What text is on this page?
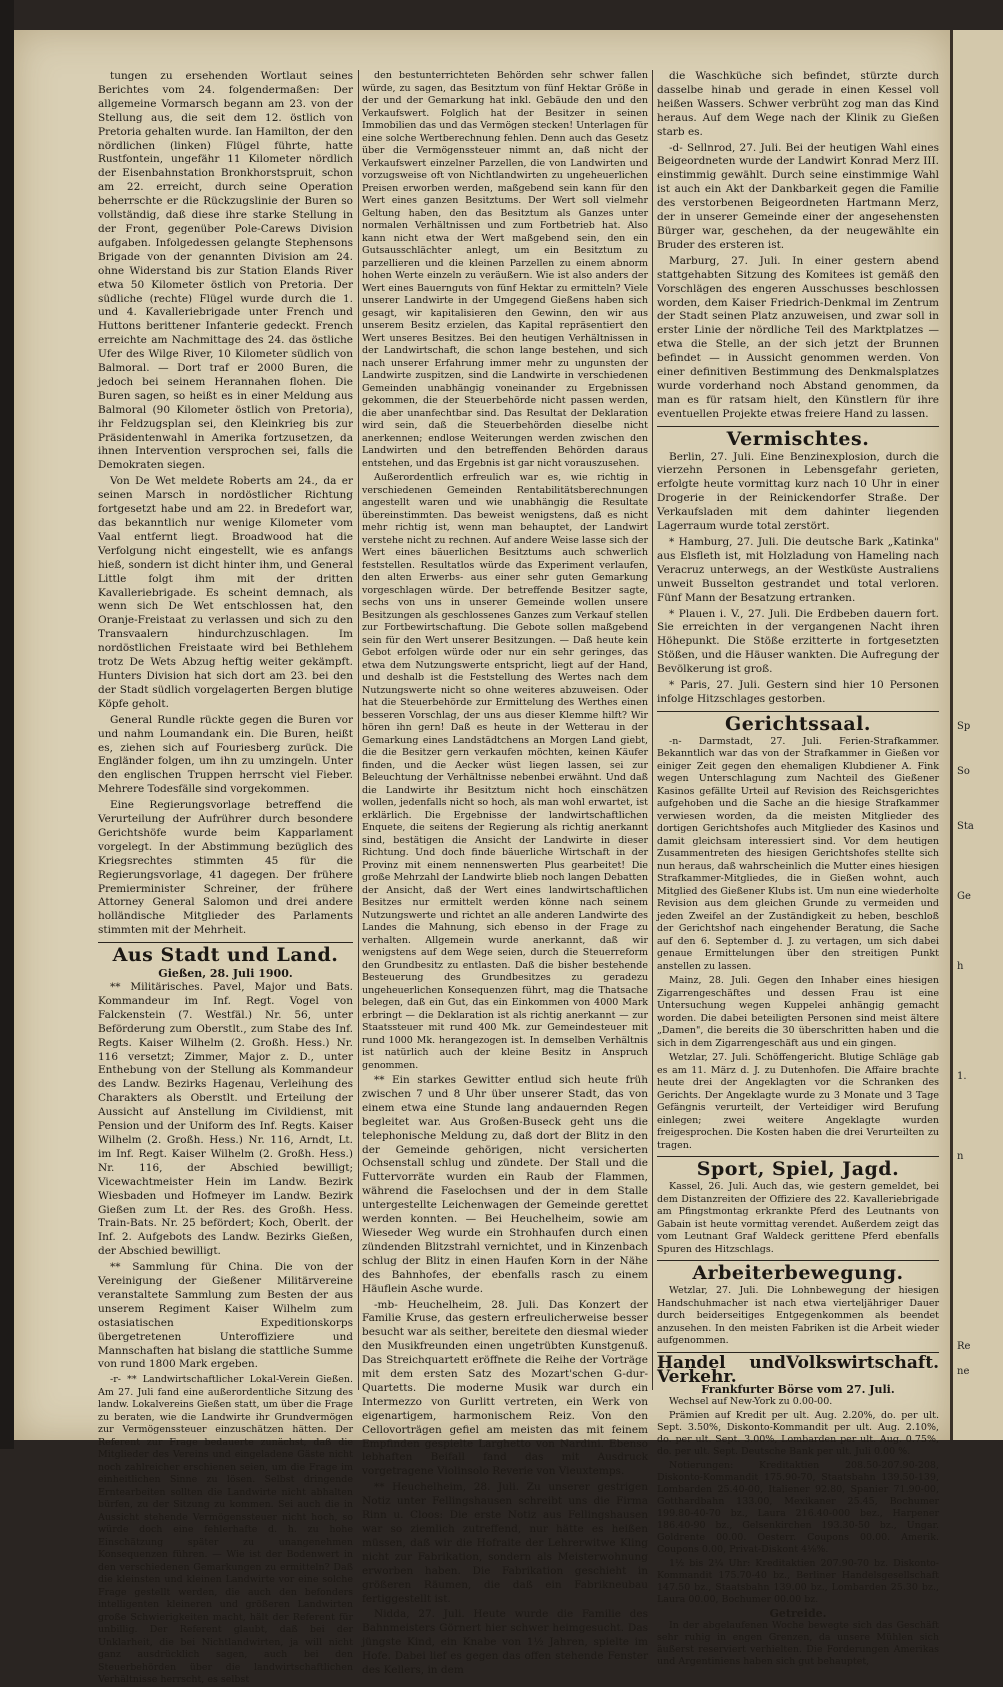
Sp
So
Sta
Ge
h
1.
n
Re
ne

tungen zu ersehenden Wortlaut seines Berichtes vom 24. folgendermaßen: Der allgemeine Vormarsch begann am 23. von der Stellung aus, die seit dem 12. östlich von Pretoria gehalten wurde. Ian Hamilton, der den nördlichen (linken) Flügel führte, hatte Rustfontein, ungefähr 11 Kilometer nördlich der Eisenbahnstation Bronkhorstspruit, schon am 22. erreicht, durch seine Operation beherrschte er die Rückzugslinie der Buren so vollständig, daß diese ihre starke Stellung in der Front, gegenüber Pole-Carews Division aufgaben. Infolgedessen gelangte Stephensons Brigade von der genannten Division am 24. ohne Widerstand bis zur Station Elands River etwa 50 Kilometer östlich von Pretoria. Der südliche (rechte) Flügel wurde durch die 1. und 4. Kavalleriebrigade unter French und Huttons berittener Infanterie gedeckt. French erreichte am Nachmittage des 24. das östliche Ufer des Wilge River, 10 Kilometer südlich von Balmoral. — Dort traf er 2000 Buren, die jedoch bei seinem Herannahen flohen. Die Buren sagen, so heißt es in einer Meldung aus Balmoral (90 Kilometer östlich von Pretoria), ihr Feldzugsplan sei, den Kleinkrieg bis zur Präsidentenwahl in Amerika fortzusetzen, da ihnen Intervention versprochen sei, falls die Demokraten siegen.

Von De Wet meldete Roberts am 24., da er seinen Marsch in nordöstlicher Richtung fortgesetzt habe und am 22. in Bredefort war, das bekanntlich nur wenige Kilometer vom Vaal entfernt liegt. Broadwood hat die Verfolgung nicht eingestellt, wie es anfangs hieß, sondern ist dicht hinter ihm, und General Little folgt ihm mit der dritten Kavalleriebrigade. Es scheint demnach, als wenn sich De Wet entschlossen hat, den Oranje-Freistaat zu verlassen und sich zu den Transvaalern hindurchzuschlagen. Im nordöstlichen Freistaate wird bei Bethlehem trotz De Wets Abzug heftig weiter gekämpft. Hunters Division hat sich dort am 23. bei den der Stadt südlich vorgelagerten Bergen blutige Köpfe geholt.

General Rundle rückte gegen die Buren vor und nahm Loumandank ein. Die Buren, heißt es, ziehen sich auf Fouriesberg zurück. Die Engländer folgen, um ihn zu umzingeln. Unter den englischen Truppen herrscht viel Fieber. Mehrere Todesfälle sind vorgekommen.

Eine Regierungsvorlage betreffend die Verurteilung der Aufrührer durch besondere Gerichtshöfe wurde beim Kapparlament vorgelegt. In der Abstimmung bezüglich des Kriegsrechtes stimmten 45 für die Regierungsvorlage, 41 dagegen. Der frühere Premierminister Schreiner, der frühere Attorney General Salomon und drei andere holländische Mitglieder des Parlaments stimmten mit der Mehrheit.

Aus Stadt und Land.
Gießen, 28. Juli 1900.

** Militärisches. Pavel, Major und Bats. Kommandeur im Inf. Regt. Vogel von Falckenstein (7. Westfäl.) Nr. 56, unter Beförderung zum Oberstlt., zum Stabe des Inf. Regts. Kaiser Wilhelm (2. Großh. Hess.) Nr. 116 versetzt; Zimmer, Major z. D., unter Enthebung von der Stellung als Kommandeur des Landw. Bezirks Hagenau, Verleihung des Charakters als Oberstlt. und Erteilung der Aussicht auf Anstellung im Civildienst, mit Pension und der Uniform des Inf. Regts. Kaiser Wilhelm (2. Großh. Hess.) Nr. 116, Arndt, Lt. im Inf. Regt. Kaiser Wilhelm (2. Großh. Hess.) Nr. 116, der Abschied bewilligt; Vicewachtmeister Hein im Landw. Bezirk Wiesbaden und Hofmeyer im Landw. Bezirk Gießen zum Lt. der Res. des Großh. Hess. Train-Bats. Nr. 25 befördert; Koch, Oberlt. der Inf. 2. Aufgebots des Landw. Bezirks Gießen, der Abschied bewilligt.

** Sammlung für China. Die von der Vereinigung der Gießener Militärvereine veranstaltete Sammlung zum Besten der aus unserem Regiment Kaiser Wilhelm zum ostasiatischen Expeditionskorps übergetretenen Unteroffiziere und Mannschaften hat bislang die stattliche Summe von rund 1800 Mark ergeben.

-r- ** Landwirtschaftlicher Lokal-Verein Gießen. Am 27. Juli fand eine außerordentliche Sitzung des landw. Lokalvereins Gießen statt, um über die Frage zu beraten, wie die Landwirte ihr Grundvermögen zur Vermögenssteuer einzuschätzen hätten. Der Referent zur Frage bedauerte zunächst, daß die Mitglieder des Vereins und eingeladene Gäste nicht noch zahlreicher erschienen seien, um die Frage im einheitlichen Sinne zu lösen. Selbst dringende Erntearbeiten sollten die Landwirte nicht abhalten bürfen, zu der Sitzung zu kommen. Sei auch die in Aussicht stehende Vermögenssteuer nicht hoch, so würde doch eine fehlerhafte d. h. zu hohe Einschätzung später zu unangenehmen Konsequenzen führen. — Wie ist der Bodenwert in den verschiedenen Gemarkungen zu ermitteln? Daß die kleinsten und kleinen Landwirte vor eine solche Frage gestellt werden, die auch den befonders intelligenten kleineren und größeren Landwirten große Schwierigkeiten macht, hält der Referent für unbillig. Der Referent glaubt, daß bei der Unklarheit, die bei Nichtlandwirten, ja will nicht ganz ausdrücklich sagen, auch bei den Steuerbehörden über die landwirtschaftlichen Verhältnisse herrscht, es selbst

den bestunterrichteten Behörden sehr schwer fallen würde, zu sagen, das Besitztum von fünf Hektar Größe in der und der Gemarkung hat inkl. Gebäude den und den Verkaufswert. Folglich hat der Besitzer in seinen Immobilien das und das Vermögen stecken! Unterlagen für eine solche Wertberechnung fehlen. Denn auch das Gesetz über die Vermögenssteuer nimmt an, daß nicht der Verkaufswert einzelner Parzellen, die von Landwirten und vorzugsweise oft von Nichtlandwirten zu ungeheuerlichen Preisen erworben werden, maßgebend sein kann für den Wert eines ganzen Besitztums. Der Wert soll vielmehr Geltung haben, den das Besitztum als Ganzes unter normalen Verhältnissen und zum Fortbetrieb hat. Also kann nicht etwa der Wert maßgebend sein, den ein Gutsausschlächter anlegt, um ein Besitztum zu parzellieren und die kleinen Parzellen zu einem abnorm hohen Werte einzeln zu veräußern. Wie ist also anders der Wert eines Bauernguts von fünf Hektar zu ermitteln? Viele unserer Landwirte in der Umgegend Gießens haben sich gesagt, wir kapitalisieren den Gewinn, den wir aus unserem Besitz erzielen, das Kapital repräsentiert den Wert unseres Besitzes. Bei den heutigen Verhältnissen in der Landwirtschaft, die schon lange bestehen, und sich nach unserer Erfahrung immer mehr zu ungunsten der Landwirte zuspitzen, sind die Landwirte in verschiedenen Gemeinden unabhängig voneinander zu Ergebnissen gekommen, die der Steuerbehörde nicht passen werden, die aber unanfechtbar sind. Das Resultat der Deklaration wird sein, daß die Steuerbehörden dieselbe nicht anerkennen; endlose Weiterungen werden zwischen den Landwirten und den betreffenden Behörden daraus entstehen, und das Ergebnis ist gar nicht vorauszusehen.

Außerordentlich erfreulich war es, wie richtig in verschiedenen Gemeinden Rentabilitätsberechnungen angestellt waren und wie unabhängig die Resultate übereinstimmten. Das beweist wenigstens, daß es nicht mehr richtig ist, wenn man behauptet, der Landwirt verstehe nicht zu rechnen. Auf andere Weise lasse sich der Wert eines bäuerlichen Besitztums auch schwerlich feststellen. Resultatlos würde das Experiment verlaufen, den alten Erwerbs- aus einer sehr guten Gemarkung vorgeschlagen würde. Der betreffende Besitzer sagte, sechs von uns in unserer Gemeinde wollen unsere Besitzungen als geschlossenes Ganzes zum Verkauf stellen zur Fortbewirtschaftung. Die Gebote sollen maßgebend sein für den Wert unserer Besitzungen. — Daß heute kein Gebot erfolgen würde oder nur ein sehr geringes, das etwa dem Nutzungswerte entspricht, liegt auf der Hand, und deshalb ist die Feststellung des Wertes nach dem Nutzungswerte nicht so ohne weiteres abzuweisen. Oder hat die Steuerbehörde zur Ermittelung des Werthes einen besseren Vorschlag, der uns aus dieser Klemme hilft? Wir hören ihn gern! Daß es heute in der Wetterau in der Gemarkung eines Landstädtchens an Morgen Land giebt, die die Besitzer gern verkaufen möchten, keinen Käufer finden, und die Aecker wüst liegen lassen, sei zur Beleuchtung der Verhältnisse nebenbei erwähnt. Und daß die Landwirte ihr Besitztum nicht hoch einschätzen wollen, jedenfalls nicht so hoch, als man wohl erwartet, ist erklärlich. Die Ergebnisse der landwirtschaftlichen Enquete, die seitens der Regierung als richtig anerkannt sind, bestätigen die Ansicht der Landwirte in dieser Richtung. Und doch finde bäuerliche Wirtschaft in der Provinz mit einem nennenswerten Plus gearbeitet! Die große Mehrzahl der Landwirte blieb noch langen Debatten der Ansicht, daß der Wert eines landwirtschaftlichen Besitzes nur ermittelt werden könne nach seinem Nutzungswerte und richtet an alle anderen Landwirte des Landes die Mahnung, sich ebenso in der Frage zu verhalten. Allgemein wurde anerkannt, daß wir wenigstens auf dem Wege seien, durch die Steuerreform den Grundbesitz zu entlasten. Daß die bisher bestehende Besteuerung des Grundbesitzes zu geradezu ungeheuerlichen Konsequenzen führt, mag die Thatsache belegen, daß ein Gut, das ein Einkommen von 4000 Mark erbringt — die Deklaration ist als richtig anerkannt — zur Staatssteuer mit rund 400 Mk. zur Gemeindesteuer mit rund 1000 Mk. herangezogen ist. In demselben Verhältnis ist natürlich auch der kleine Besitz in Anspruch genommen.

** Ein starkes Gewitter entlud sich heute früh zwischen 7 und 8 Uhr über unserer Stadt, das von einem etwa eine Stunde lang andauernden Regen begleitet war. Aus Großen-Buseck geht uns die telephonische Meldung zu, daß dort der Blitz in den der Gemeinde gehörigen, nicht versicherten Ochsenstall schlug und zündete. Der Stall und die Futtervorräte wurden ein Raub der Flammen, während die Faselochsen und der in dem Stalle untergestellte Leichenwagen der Gemeinde gerettet werden konnten. — Bei Heuchelheim, sowie am Wieseder Weg wurde ein Strohhaufen durch einen zündenden Blitzstrahl vernichtet, und in Kinzenbach schlug der Blitz in einen Haufen Korn in der Nähe des Bahnhofes, der ebenfalls rasch zu einem Häuflein Asche wurde.

-mb- Heuchelheim, 28. Juli. Das Konzert der Familie Kruse, das gestern erfreulicherweise besser besucht war als seither, bereitete den diesmal wieder den Musikfreunden einen ungetrübten Kunstgenuß. Das Streichquartett eröffnete die Reihe der Vorträge mit dem ersten Satz des Mozart'schen G-dur-Quartetts. Die moderne Musik war durch ein Intermezzo von Gurlitt vertreten, ein Werk von eigenartigem, harmonischem Reiz. Von den Cellovorträgen gefiel am meisten das mit feinem Empfinden gespielte Larghetto von Nardini. Ebenso lebhaften Beifall fand das mit Ausdruck vorgetragene Violinsolo Reverie von Vieuxtemps.

** Heuchelheim, 28. Juli. Zu unserer gestrigen Notiz unter Fellingshausen schreibt uns die Firma Rinn u. Cloos: Die erste Notiz aus Fellingshausen war so ziemlich zutreffend, nur hätte es heißen müssen, daß wir die Hofraite der Lehrerwitwe Kling nicht zur Fabrikation, sondern als Meisterwohnung erworben haben. Die Fabrikation geschieht in größeren Räumen, die daß ein Fabrikneubau fertiggestellt ist.

Nidda, 27. Juli. Heute wurde die Familie des Bahnmeisters Görnert hier schwer heimgesucht. Das jüngste Kind, ein Knabe von 1½ Jahren, spielte im Hofe. Dabei lief es gegen das offen stehende Fenster des Kellers, in dem

die Waschküche sich befindet, stürzte durch dasselbe hinab und gerade in einen Kessel voll heißen Wassers. Schwer verbrüht zog man das Kind heraus. Auf dem Wege nach der Klinik zu Gießen starb es.

-d- Sellnrod, 27. Juli. Bei der heutigen Wahl eines Beigeordneten wurde der Landwirt Konrad Merz III. einstimmig gewählt. Durch seine einstimmige Wahl ist auch ein Akt der Dankbarkeit gegen die Familie des verstorbenen Beigeordneten Hartmann Merz, der in unserer Gemeinde einer der angesehensten Bürger war, geschehen, da der neugewählte ein Bruder des ersteren ist.

Marburg, 27. Juli. In einer gestern abend stattgehabten Sitzung des Komitees ist gemäß den Vorschlägen des engeren Ausschusses beschlossen worden, dem Kaiser Friedrich-Denkmal im Zentrum der Stadt seinen Platz anzuweisen, und zwar soll in erster Linie der nördliche Teil des Marktplatzes — etwa die Stelle, an der sich jetzt der Brunnen befindet — in Aussicht genommen werden. Von einer definitiven Bestimmung des Denkmalsplatzes wurde vorderhand noch Abstand genommen, da man es für ratsam hielt, den Künstlern für ihre eventuellen Projekte etwas freiere Hand zu lassen.

Vermischtes.

Berlin, 27. Juli. Eine Benzinexplosion, durch die vierzehn Personen in Lebensgefahr gerieten, erfolgte heute vormittag kurz nach 10 Uhr in einer Drogerie in der Reinickendorfer Straße. Der Verkaufsladen mit dem dahinter liegenden Lagerraum wurde total zerstört.

* Hamburg, 27. Juli. Die deutsche Bark „Katinka" aus Elsfleth ist, mit Holzladung von Hameling nach Veracruz unterwegs, an der Westküste Australiens unweit Busselton gestrandet und total verloren. Fünf Mann der Besatzung ertranken.

* Plauen i. V., 27. Juli. Die Erdbeben dauern fort. Sie erreichten in der vergangenen Nacht ihren Höhepunkt. Die Stöße erzitterte in fortgesetzten Stößen, und die Häuser wankten. Die Aufregung der Bevölkerung ist groß.

* Paris, 27. Juli. Gestern sind hier 10 Personen infolge Hitzschlages gestorben.

Gerichtssaal.

-n- Darmstadt, 27. Juli. Ferien-Strafkammer. Bekanntlich war das von der Strafkammer in Gießen vor einiger Zeit gegen den ehemaligen Klubdiener A. Fink wegen Unterschlagung zum Nachteil des Gießener Kasinos gefällte Urteil auf Revision des Reichsgerichtes aufgehoben und die Sache an die hiesige Strafkammer verwiesen worden, da die meisten Mitglieder des dortigen Gerichtshofes auch Mitglieder des Kasinos und damit gleichsam interessiert sind. Vor dem heutigen Zusammentreten des hiesigen Gerichtshofes stellte sich nun heraus, daß wahrscheinlich die Mutter eines hiesigen Strafkammer-Mitgliedes, die in Gießen wohnt, auch Mitglied des Gießener Klubs ist. Um nun eine wiederholte Revision aus dem gleichen Grunde zu vermeiden und jeden Zweifel an der Zuständigkeit zu heben, beschloß der Gerichtshof nach eingehender Beratung, die Sache auf den 6. September d. J. zu vertagen, um sich dabei genaue Ermittelungen über den streitigen Punkt anstellen zu lassen.

Mainz, 28. Juli. Gegen den Inhaber eines hiesigen Zigarrengeschäftes und dessen Frau ist eine Untersuchung wegen Kuppelei anhängig gemacht worden. Die dabei beteiligten Personen sind meist ältere „Damen", die bereits die 30 überschritten haben und die sich in dem Zigarrengeschäft aus und ein gingen.

Wetzlar, 27. Juli. Schöffengericht. Blutige Schläge gab es am 11. März d. J. zu Dutenhofen. Die Affaire brachte heute drei der Angeklagten vor die Schranken des Gerichts. Der Angeklagte wurde zu 3 Monate und 3 Tage Gefängnis verurteilt, der Verteidiger wird Berufung einlegen; zwei weitere Angeklagte wurden freigesprochen. Die Kosten haben die drei Verurteilten zu tragen.

Sport, Spiel, Jagd.

Kassel, 26. Juli. Auch das, wie gestern gemeldet, bei dem Distanzreiten der Offiziere des 22. Kavalleriebrigade am Pfingstmontag erkrankte Pferd des Leutnants von Gabain ist heute vormittag verendet. Außerdem zeigt das vom Leutnant Graf Waldeck gerittene Pferd ebenfalls Spuren des Hitzschlags.

Arbeiterbewegung.

Wetzlar, 27. Juli. Die Lohnbewegung der hiesigen Handschuhmacher ist nach etwa vierteljähriger Dauer durch beiderseitiges Entgegenkommen als beendet anzusehen. In den meisten Fabriken ist die Arbeit wieder aufgenommen.

Handel und Verkehr.
Volkswirtschaft.
Frankfurter Börse vom 27. Juli.

Wechsel auf New-York zu 0.00-00.

Prämien auf Kredit per ult. Aug. 2.20%, do. per ult. Sept. 3.50%, Diskonto-Kommandit per ult. Aug. 2.10%, do. per ult. Sept. 3.00%, Lombarden per ult. Aug. 0.75%, do. per ult. Sept. Deutsche Bank per ult. Juli 0.00 %.

Notierungen: Kreditaktien 208.50-207.90-208, Diskonto-Kommandit 175.90-70, Staatsbahn 139.50-139, Lombarden 25.40-00, Italiener 92.80, Spanier 71.90-00, Gotthardbahn 133.00, Mexikaner 25.45, Bochumer 199.80-40-70 bz., Laura 216.40-000 bez., Harpener 186.40-90 bz., Gelsenkirchen 193.30-50 bz., Ungar. Goldrente 00.00. Oesterr. Coupons 00.00. Amerik. Coupons 0.00, Privat-Diskont 4⅛%.

1½ bis 2¼ Uhr: Kreditaktien 207.90-70 bz. Diskonto-Kommandit 175.70-40 bz., Berliner Handelsgesellschaft 147.50 bz., Staatsbahn 139.00 bz., Lombarden 25.30 bz., Laura 00.00, Bochumer 00.00 bz.

Getreide.

In der abgelaufenen Woche bewegte sich das Geschäft sehr ruhig in engen Grenzen, da unsere Mühlen sich äußerst reserviert verhielten. Die Forderungen Amerikas und Argentiniens haben sich gut behauptet,
